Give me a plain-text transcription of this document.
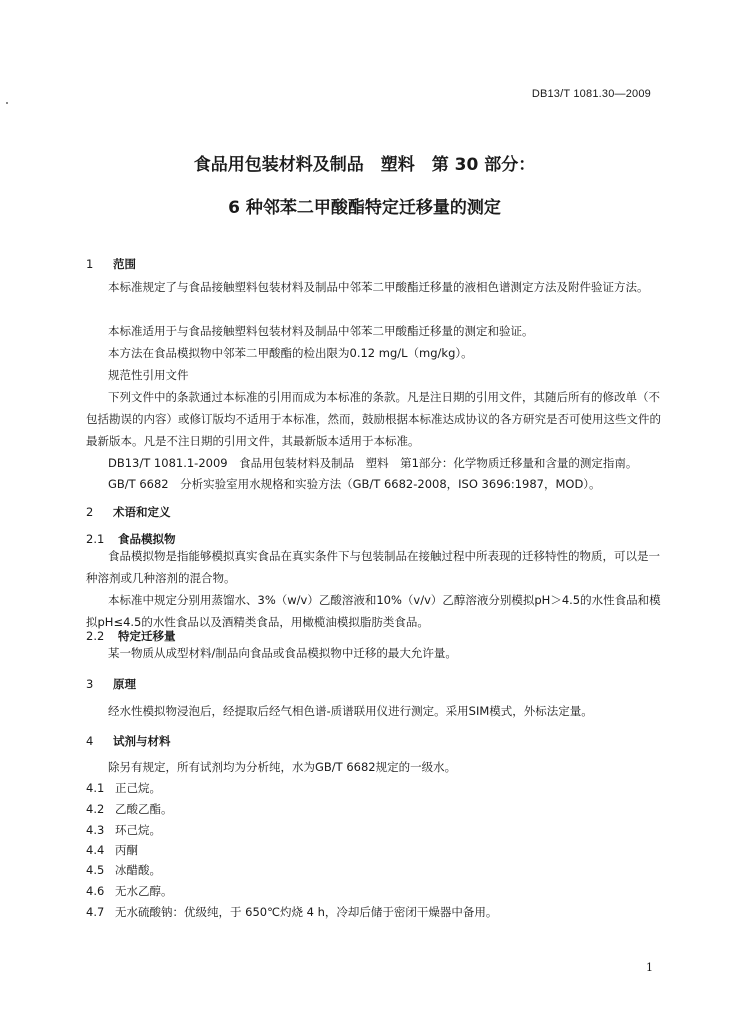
DB13/T 1081.30—2009
食品用包装材料及制品　塑料　第 30 部分：
6 种邻苯二甲酸酯特定迁移量的测定
1 范围
本标准规定了与食品接触塑料包装材料及制品中邻苯二甲酸酯迁移量的液相色谱测定方法及附件验证方法。
本标准适用于与食品接触塑料包装材料及制品中邻苯二甲酸酯迁移量的测定和验证。
本方法在食品模拟物中邻苯二甲酸酯的检出限为0.12 mg/L（mg/kg）。
规范性引用文件
下列文件中的条款通过本标准的引用而成为本标准的条款。凡是注日期的引用文件，其随后所有的修改单（不包括勘误的内容）或修订版均不适用于本标准，然而，鼓励根据本标准达成协议的各方研究是否可使用这些文件的最新版本。凡是不注日期的引用文件，其最新版本适用于本标准。
DB13/T 1081.1-2009　食品用包装材料及制品　塑料　第1部分：化学物质迁移量和含量的测定指南。
GB/T 6682　分析实验室用水规格和实验方法（GB/T 6682-2008，ISO 3696:1987，MOD）。
2 术语和定义
2.1 食品模拟物
食品模拟物是指能够模拟真实食品在真实条件下与包装制品在接触过程中所表现的迁移特性的物质，可以是一种溶剂或几种溶剂的混合物。
本标准中规定分别用蒸馏水、3%（w/v）乙酸溶液和10%（v/v）乙醇溶液分别模拟pH＞4.5的水性食品和模拟pH≤4.5的水性食品以及酒精类食品，用橄榄油模拟脂肪类食品。
2.2 特定迁移量
某一物质从成型材料/制品向食品或食品模拟物中迁移的最大允许量。
3 原理
经水性模拟物浸泡后，经提取后经气相色谱-质谱联用仪进行测定。采用SIM模式，外标法定量。
4 试剂与材料
除另有规定，所有试剂均为分析纯，水为GB/T 6682规定的一级水。
4.1 正己烷。
4.2 乙酸乙酯。
4.3 环己烷。
4.4 丙酮
4.5 冰醋酸。
4.6 无水乙醇。
4.7 无水硫酸钠：优级纯，于 650℃灼烧 4 h，冷却后储于密闭干燥器中备用。
1
